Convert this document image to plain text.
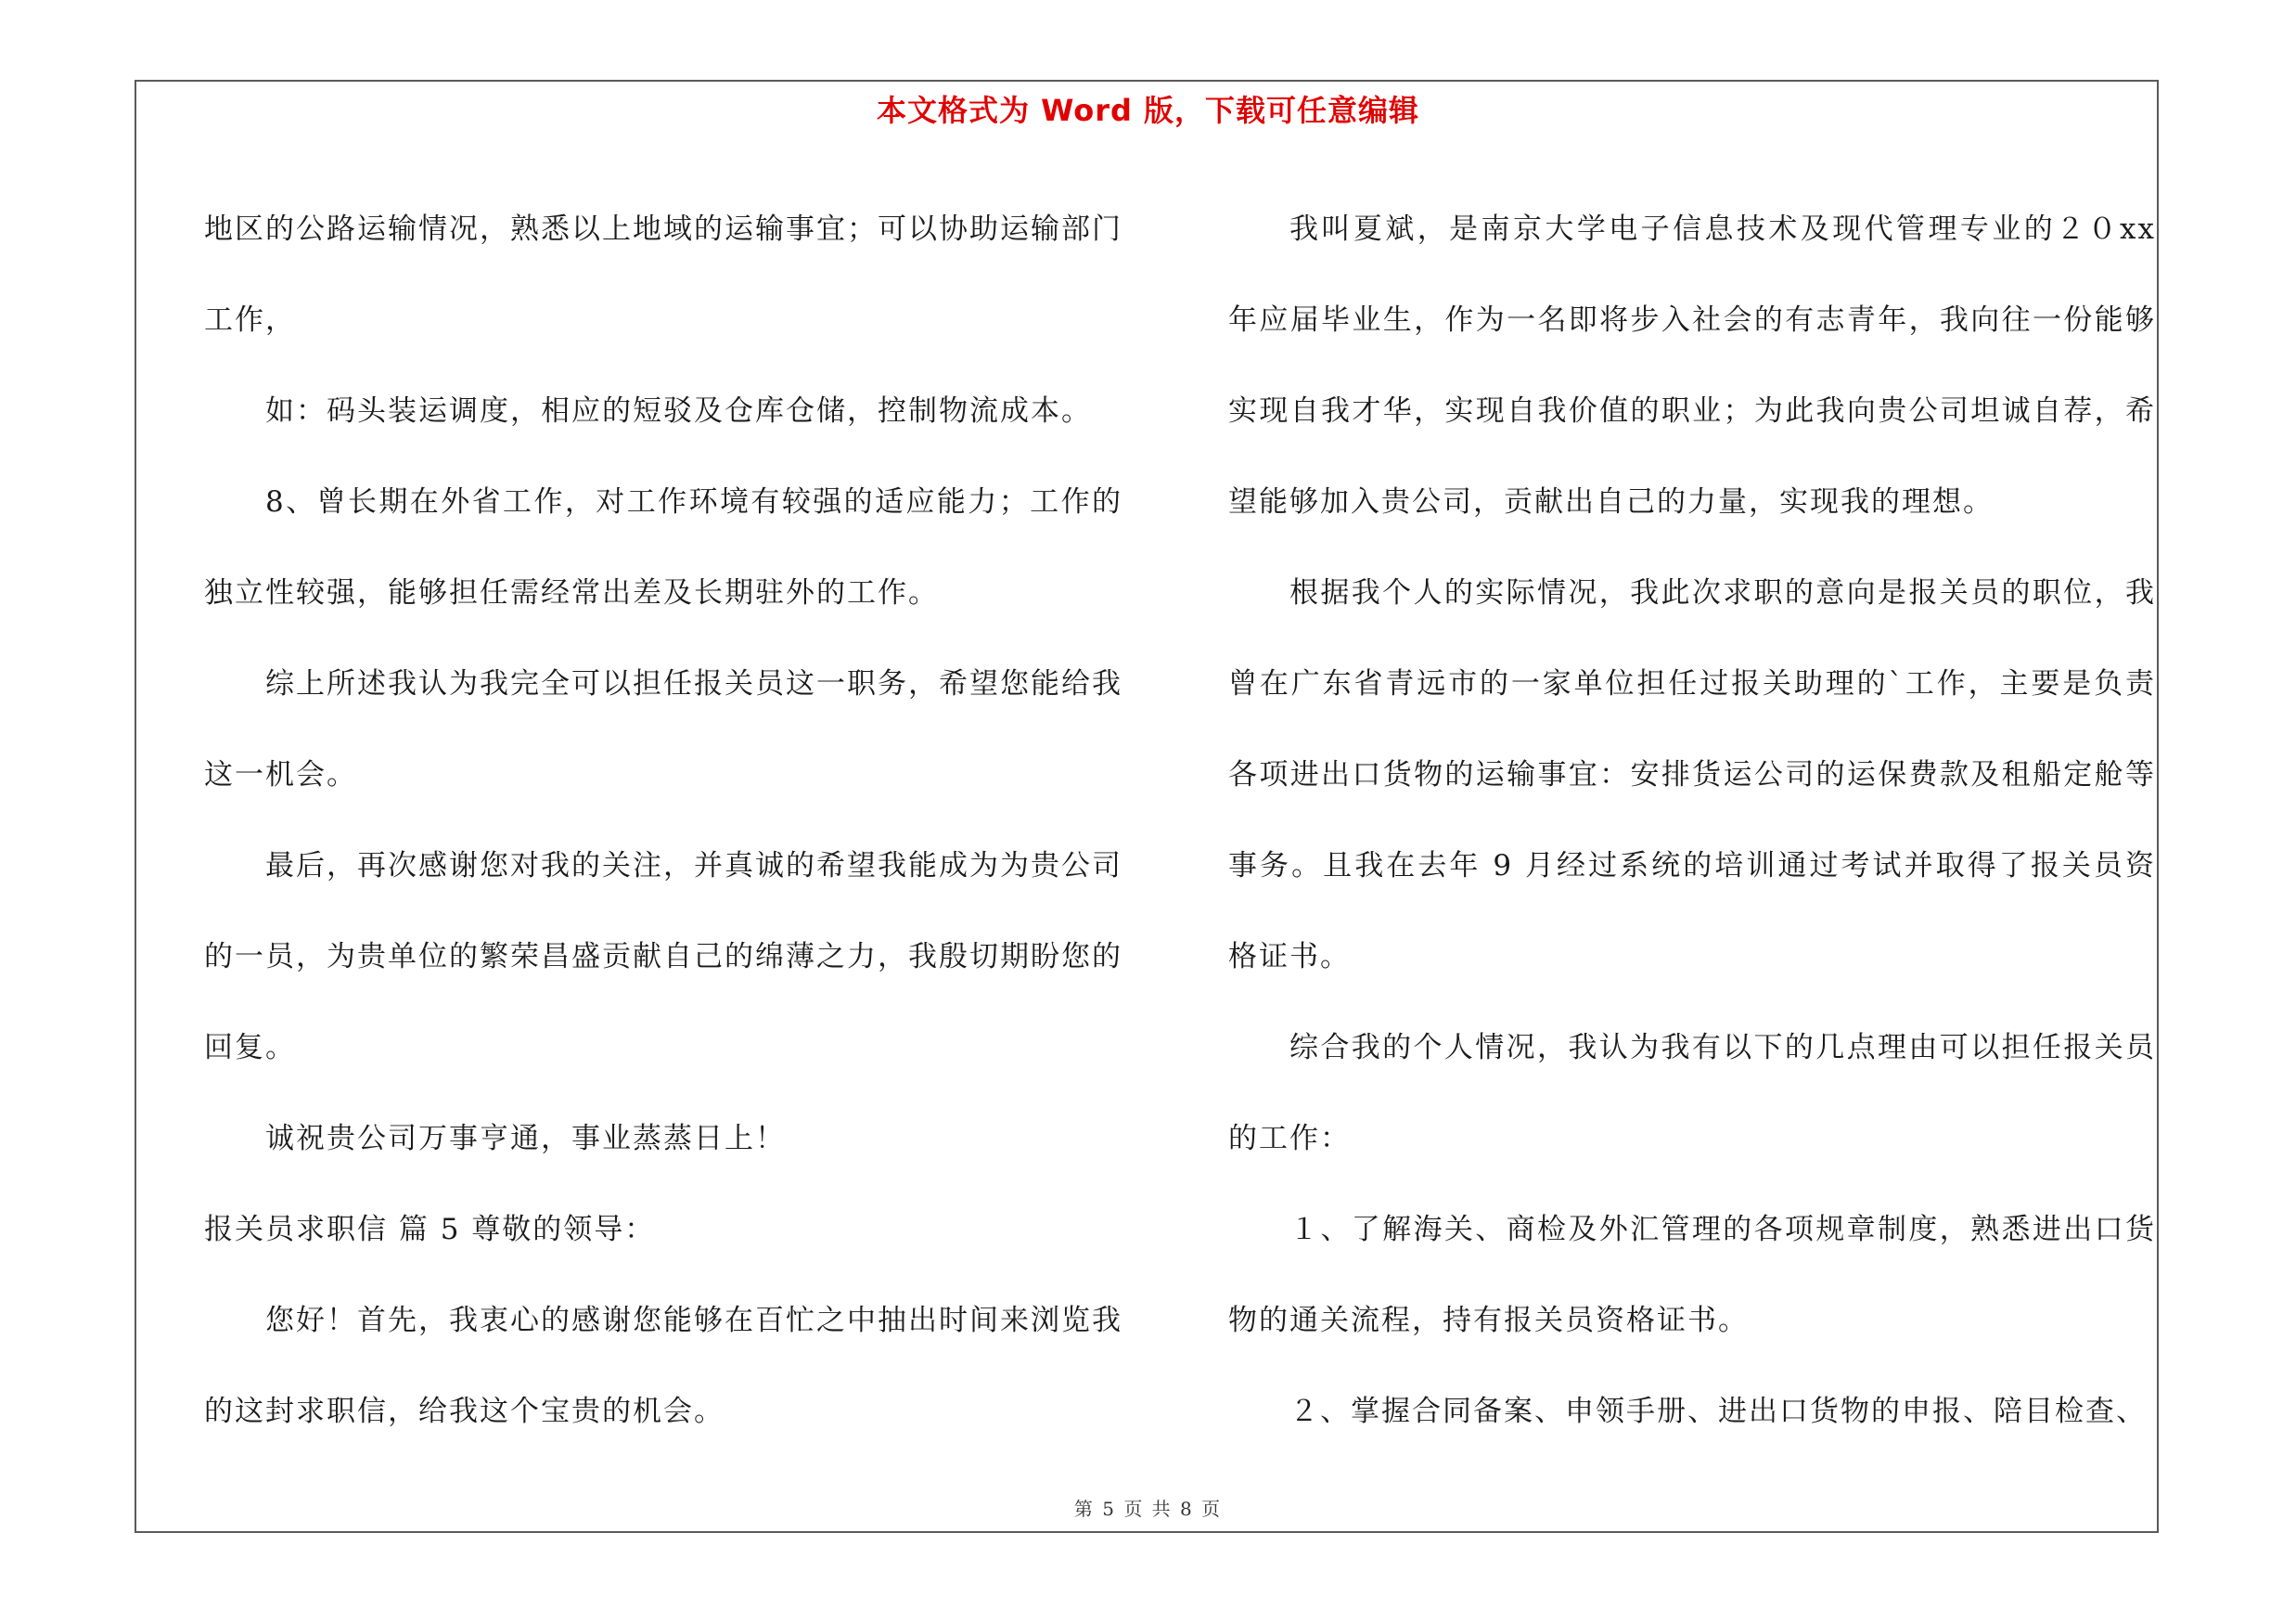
本文格式为 Word 版，下载可任意编辑

地区的公路运输情况，熟悉以上地域的运输事宜；可以协助运输部门工作，

如：码头装运调度，相应的短驳及仓库仓储，控制物流成本。

8、曾长期在外省工作，对工作环境有较强的适应能力；工作的独立性较强，能够担任需经常出差及长期驻外的工作。

综上所述我认为我完全可以担任报关员这一职务，希望您能给我这一机会。

最后，再次感谢您对我的关注，并真诚的希望我能成为为贵公司的一员，为贵单位的繁荣昌盛贡献自己的绵薄之力，我殷切期盼您的回复。

诚祝贵公司万事亨通，事业蒸蒸日上！

报关员求职信 篇 5 尊敬的领导：

您好！首先，我衷心的感谢您能够在百忙之中抽出时间来浏览我的这封求职信，给我这个宝贵的机会。

我叫夏斌，是南京大学电子信息技术及现代管理专业的２０xx 年应届毕业生，作为一名即将步入社会的有志青年，我向往一份能够实现自我才华，实现自我价值的职业；为此我向贵公司坦诚自荐，希望能够加入贵公司，贡献出自己的力量，实现我的理想。

根据我个人的实际情况，我此次求职的意向是报关员的职位，我曾在广东省青远市的一家单位担任过报关助理的`工作，主要是负责各项进出口货物的运输事宜：安排货运公司的运保费款及租船定舱等事务。且我在去年 9 月经过系统的培训通过考试并取得了报关员资格证书。

综合我的个人情况，我认为我有以下的几点理由可以担任报关员的工作：

１、了解海关、商检及外汇管理的各项规章制度，熟悉进出口货物的通关流程，持有报关员资格证书。

２、掌握合同备案、申领手册、进出口货物的申报、陪目检查、

第 5 页 共 8 页
